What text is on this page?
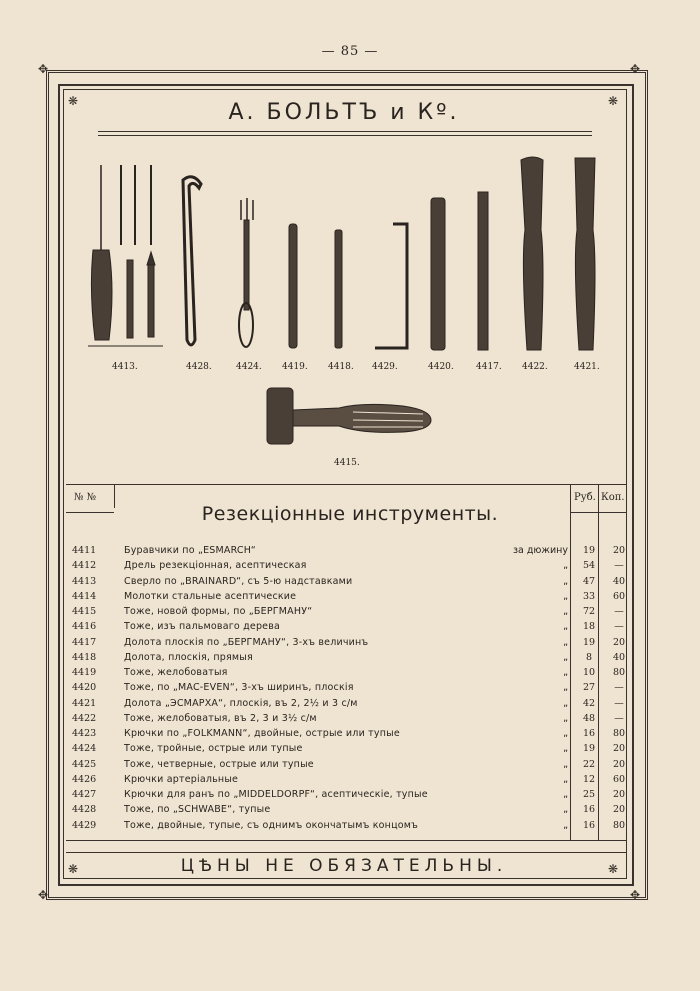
— 85 —
✥	✥
✥	✥
❋	❋
❋	❋
А. БОЛЬТЪ и Кº.
4413.	4428.	4424. 4419. 4418. 4429.	4420. 4417. 4422.	4421.
4415.
№ №	Руб. Коп.
Резекціонные инструменты.
4411	Буравчики по „ESMARCH“	за дюжину	19	20
4412	Дрель резекціонная, асептическая	„	54	—
4413	Сверло по „BRAINARD“, съ 5-ю надставками	„	47	40
4414	Молотки стальные асептические	„	33	60
4415	Тоже, новой формы, по „БЕРГМАНУ“	„	72	—
4416	Тоже, изъ пальмоваго дерева	„	18	—
4417	Долота плоскія по „БЕРГМАНУ“, 3-хъ величинъ	„	19	20
4418	Долота, плоскія, прямыя	„	8	40
4419	Тоже, желобоватыя	„	10	80
4420	Тоже, по „MAC-EVEN“, 3-хъ ширинъ, плоскія	„	27	—
4421	Долота „ЭСМАРХА“, плоскія, въ 2, 2½ и 3 с/м	„	42	—
4422	Тоже, желобоватыя, въ 2, 3 и 3½ с/м	„	48	—
4423	Крючки по „FOLKMANN“, двойные, острые или тупые	„	16	80
4424	Тоже, тройные, острые или тупые	„	19	20
4425	Тоже, четверные, острые или тупые	„	22	20
4426	Крючки артеріальные	„	12	60
4427	Крючки для ранъ по „MIDDELDORPF“, асептическіе, тупые	„	25	20
4428	Тоже, по „SCHWABE“, тупые	„	16	20
4429	Тоже, двойные, тупые, съ однимъ окончатымъ концомъ	„	16	80
ЦѢНЫ НЕ ОБЯЗАТЕЛЬНЫ.
